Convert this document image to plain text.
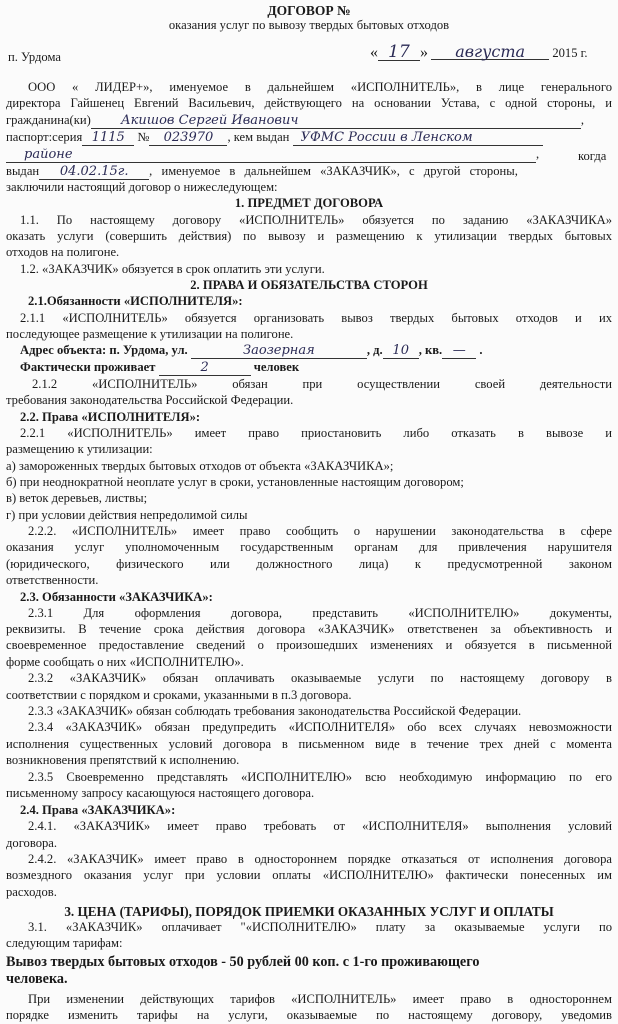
ДОГОВОР №
оказания услуг по вывозу твердых бытовых отходов
п. Урдома	« 17 » августа 2015 г.
ООО « ЛИДЕР+», именуемое в дальнейшем «ИСПОЛНИТЕЛЬ», в лице генерального
директора Гайшенец Евгений Васильевич, действующего на основании Устава, с одной стороны, и
гражданина(ки) Акишов Сергей Иванович	,
паспорт:серия 1115 № 023970 , кем выдан УФМС России в Ленском
районе	,	когда
выдан 04.02.15г. , именуемое в дальнейшем «ЗАКАЗЧИК», с другой стороны,
заключили настоящий договор о нижеследующем:
1. ПРЕДМЕТ ДОГОВОРА
1.1. По настоящему договору «ИСПОЛНИТЕЛЬ» обязуется по заданию «ЗАКАЗЧИКА»
оказать услуги (совершить действия) по вывозу и размещению к утилизации твердых бытовых
отходов на полигоне.
1.2. «ЗАКАЗЧИК» обязуется в срок оплатить эти услуги.
2. ПРАВА И ОБЯЗАТЕЛЬСТВА СТОРОН
2.1.Обязанности «ИСПОЛНИТЕЛЯ»:
2.1.1 «ИСПОЛНИТЕЛЬ» обязуется организовать вывоз твердых бытовых отходов и их
последующее размещение к утилизации на полигоне.
Адрес объекта: п. Урдома, ул.	Заозерная	, д. 10 , кв. — .
Фактически проживает	2	человек
2.1.2 «ИСПОЛНИТЕЛЬ» обязан при осуществлении своей деятельности
требования законодательства Российской Федерации.
2.2. Права «ИСПОЛНИТЕЛЯ»:
2.2.1 «ИСПОЛНИТЕЛЬ» имеет право приостановить либо отказать в вывозе и
размещению к утилизации:
а) замороженных твердых бытовых отходов от объекта «ЗАКАЗЧИКА»;
б) при неоднократной неоплате услуг в сроки, установленные настоящим договором;
в) веток деревьев, листвы;
г) при условии действия непредолимой силы
2.2.2. «ИСПОЛНИТЕЛЬ» имеет право сообщить о нарушении законодательства в сфере
оказания услуг уполномоченным государственным органам для привлечения нарушителя
(юридического, физического или должностного лица) к предусмотренной законом
ответственности.
2.3. Обязанности «ЗАКАЗЧИКА»:
2.3.1 Для оформления договора, представить «ИСПОЛНИТЕЛЮ» документы,
реквизиты. В течение срока действия договора «ЗАКАЗЧИК» ответственен за объективность и
своевременное предоставление сведений о произошедших изменениях и обязуется в письменной
форме сообщать о них «ИСПОЛНИТЕЛЮ».
2.3.2 «ЗАКАЗЧИК» обязан оплачивать оказываемые услуги по настоящему договору в
соответствии с порядком и сроками, указанными в п.3 договора.
2.3.3 «ЗАКАЗЧИК» обязан соблюдать требования законодательства Российской Федерации.
2.3.4 «ЗАКАЗЧИК» обязан предупредить «ИСПОЛНИТЕЛЯ» обо всех случаях невозможности
исполнения существенных условий договора в письменном виде в течение трех дней с момента
возникновения препятствий к исполнению.
2.3.5 Своевременно представлять «ИСПОЛНИТЕЛЮ» всю необходимую информацию по его
письменному запросу касающуюся настоящего договора.
2.4. Права «ЗАКАЗЧИКА»:
2.4.1. «ЗАКАЗЧИК» имеет право требовать от «ИСПОЛНИТЕЛЯ» выполнения условий
договора.
2.4.2. «ЗАКАЗЧИК» имеет право в одностороннем порядке отказаться от исполнения договора
возмездного оказания услуг при условии оплаты «ИСПОЛНИТЕЛЮ» фактически понесенных им
расходов.
3. ЦЕНА (ТАРИФЫ), ПОРЯДОК ПРИЕМКИ ОКАЗАННЫХ УСЛУГ И ОПЛАТЫ
3.1. «ЗАКАЗЧИК» оплачивает "«ИСПОЛНИТЕЛЮ» плату за оказываемые услуги по
следующим тарифам:
Вывоз твердых бытовых отходов - 50 рублей 00 коп. с 1-го проживающего
человека.
При изменении действующих тарифов «ИСПОЛНИТЕЛЬ» имеет право в одностороннем
порядке изменить тарифы на услуги, оказываемые по настоящему договору, уведомив
